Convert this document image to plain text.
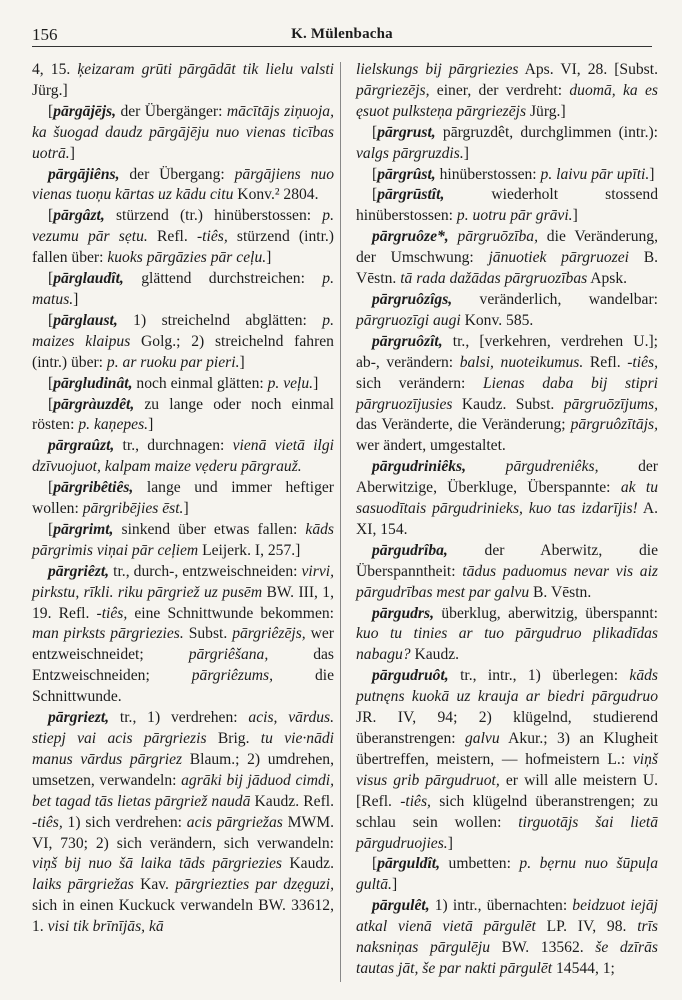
156	K. Mülenbacha

4, 15. ķeizaram grūti pārgādāt tik lielu valsti Jürg.]

[pārgājējs, der Übergänger: mācītājs ziņuoja, ka šuogad daudz pārgājēju nuo vienas ticības uotrā.]

pārgājiêns, der Übergang: pārgājiens nuo vienas tuoņu kārtas uz kādu citu Konv.² 2804.

[pārgâzt, stürzend (tr.) hinüberstossen: p. vezumu pār sẹtu. Refl. -tiês, stürzend (intr.) fallen über: kuoks pārgāzies pār ceļu.]

[pārglaudît, glättend durchstreichen: p. matus.]

[pārglaust, 1) streichelnd abglätten: p. maizes klaipus Golg.; 2) streichelnd fahren (intr.) über: p. ar ruoku par pieri.]

[pārgludinât, noch einmal glätten: p. veļu.]

[pārgràuzdêt, zu lange oder noch einmal rösten: p. kaņepes.]

pārgraûzt, tr., durchnagen: vienā vietā ilgi dzīvuojuot, kalpam maize vẹderu pārgrauž.

[pārgribêtiês, lange und immer heftiger wollen: pārgribējies ēst.]

[pārgrimt, sinkend über etwas fallen: kāds pārgrimis viņai pār ceļiem Leijerk. I, 257.]

pārgriêzt, tr., durch-, entzweischneiden: virvi, pirkstu, rīkli. riku pārgriež uz pusēm BW. III, 1, 19. Refl. -tiês, eine Schnittwunde bekommen: man pirksts pārgriezies. Subst. pārgriêzējs, wer entzweischneidet; pārgriêšana, das Entzweischneiden; pārgriêzums, die Schnittwunde.

pārgriezt, tr., 1) verdrehen: acis, vārdus. stiepj vai acis pārgriezis Brig. tu vie·nādi manus vārdus pārgriez Blaum.; 2) umdrehen, umsetzen, verwandeln: agrāki bij jāduod cimdi, bet tagad tās lietas pārgriež naudā Kaudz. Refl. -tiês, 1) sich verdrehen: acis pārgriežas MWM. VI, 730; 2) sich verändern, sich verwandeln: viņš bij nuo šā laika tāds pārgriezies Kaudz. laiks pārgriežas Kav. pārgriezties par dzẹguzi, sich in einen Kuckuck verwandeln BW. 33612, 1. visi tik brīnījās, kā

lielskungs bij pārgriezies Aps. VI, 28. [Subst. pārgriezējs, einer, der verdreht: duomā, ka es ęsuot pulksteņa pārgriezējs Jürg.]

[pārgrust, pārgruzdêt, durchglimmen (intr.): valgs pārgruzdis.]

[pārgrûst, hinüberstossen: p. laivu pār upīti.]

[pārgrūstît, wiederholt stossend hinüberstossen: p. uotru pār grāvi.]

pārgruôze*, pārgruōzība, die Veränderung, der Umschwung: jānuotiek pārgruozei B. Vēstn. tā rada dažādas pārgruozības Apsk.

pārgruôzîgs, veränderlich, wandelbar: pārgruozīgi augi Konv. 585.

pārgruôzît, tr., [verkehren, verdrehen U.]; ab-, verändern: balsi, nuoteikumus. Refl. -tiês, sich verändern: Lienas daba bij stipri pārgruozījusies Kaudz. Subst. pārgruōzījums, das Veränderte, die Veränderung; pārgruôzītājs, wer ändert, umgestaltet.

pārgudriniêks,	pārgudreniêks, der Aberwitzige, Überkluge, Überspannte: ak tu sasuodītais pārgudrinieks, kuo tas izdarījis! A. XI, 154.

pārgudrîba, der Aberwitz, die Überspanntheit: tādus paduomus nevar vis aiz pārgudrības mest par galvu B. Vēstn.

pārgudrs, überklug, aberwitzig, überspannt: kuo tu tinies ar tuo pārgudruo plikadīdas nabagu? Kaudz.

pārgudruôt, tr., intr., 1) überlegen: kāds putnęns kuokā uz krauja ar biedri pārgudruo JR. IV, 94; 2) klügelnd, studierend überanstrengen: galvu Akur.; 3) an Klugheit übertreffen, meistern, — hofmeistern L.: viņš visus grib pārgudruot, er will alle meistern U. [Refl. -tiês, sich klügelnd überanstrengen; zu schlau sein wollen: tirguotājs šai lietā pārgudruojies.]

[pārguldît, umbetten: p. bẹrnu nuo šūpuļa gultā.]

pārgulêt, 1) intr., übernachten: beidzuot iejāj atkal vienā vietā pārgulēt LP. IV, 98. trīs naksniņas pārgulēju BW. 13562. še dzīrās tautas jāt, še par nakti pārgulēt 14544, 1;
